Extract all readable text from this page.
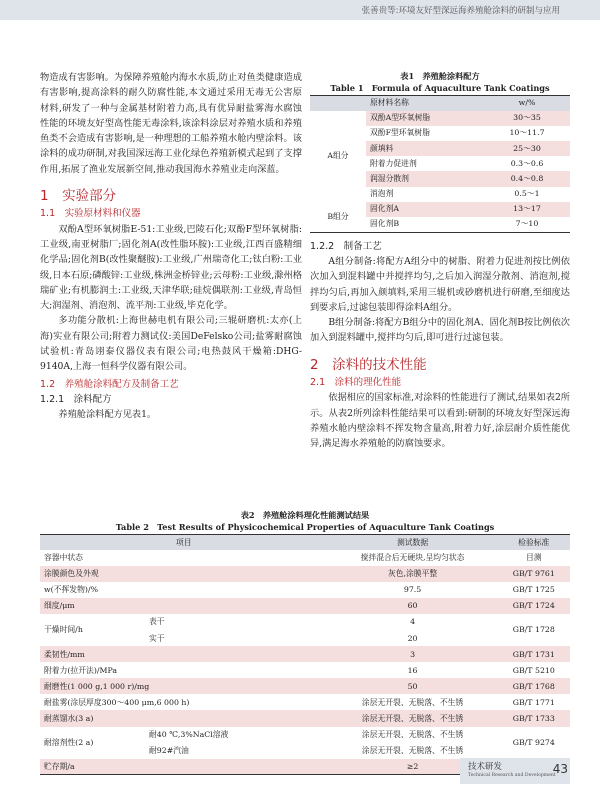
张善贵等:环境友好型深远海养殖舱涂料的研制与应用

物造成有害影响。为保障养殖舱内海水水质,防止对鱼类健康造成有害影响,提高涂料的耐久防腐性能,本文通过采用无毒无公害原材料,研发了一种与金属基材附着力高,具有优异耐盐雾海水腐蚀性能的环境友好型高性能无毒涂料,该涂料涂层对养殖水质和养殖鱼类不会造成有害影响,是一种理想的工船养殖水舱内壁涂料。该涂料的成功研制,对我国深远海工业化绿色养殖新模式起到了支撑作用,拓展了渔业发展新空间,推动我国海水养殖业走向深蓝。

1　实验部分
1.1　实验原材料和仪器

双酚A型环氧树脂E-51:工业级,巴陵石化;双酚F型环氧树脂:工业级,南亚树脂厂;固化剂A(改性脂环胺):工业级,江西百盛精细化学品;固化剂B(改性聚醚胺):工业级,广州瑞奇化工;钛白粉:工业级,日本石原;磷酸锌:工业级,株洲金桥锌业;云母粉:工业级,滁州格瑞矿业;有机膨润土:工业级,天津华联;硅烷偶联剂:工业级,青岛恒大;润湿剂、消泡剂、流平剂:工业级,毕克化学。

多功能分散机:上海世赫电机有限公司;三辊研磨机:太亦(上海)实业有限公司;附着力测试仪:美国DeFelsko公司;盐雾耐腐蚀试验机:青岛诩泰仪器仪表有限公司;电热鼓风干燥箱:DHG-9140A,上海一恒科学仪器有限公司。

1.2　养殖舱涂料配方及制备工艺
1.2.1　涂料配方

养殖舱涂料配方见表1。

表1　养殖舱涂料配方
Table 1　Formula of Aquaculture Tank Coatings
	原材料名称	w/%
A组分	双酚A型环氧树脂	30～35
	双酚F型环氧树脂	10～11.7
	颜填料	25～30
	附着力促进剂	0.3～0.6
	润湿分散剂	0.4～0.8
	消泡剂	0.5～1
B组分	固化剂A	13～17
	固化剂B	7～10
1.2.2　制备工艺

A组分制备:将配方A组分中的树脂、附着力促进剂按比例依次加入到混料罐中并搅拌均匀,之后加入润湿分散剂、消泡剂,搅拌均匀后,再加入颜填料,采用三辊机或砂磨机进行研磨,至细度达到要求后,过滤包装即得涂料A组分。

B组分制备:将配方B组分中的固化剂A、固化剂B按比例依次加入到混料罐中,搅拌均匀后,即可进行过滤包装。

2　涂料的技术性能
2.1　涂料的理化性能

依据相应的国家标准,对涂料的性能进行了测试,结果如表2所示。从表2所列涂料性能结果可以看到:研制的环境友好型深远海养殖水舱内壁涂料不挥发物含量高,附着力好,涂层耐介质性能优异,满足海水养殖舱的防腐蚀要求。

表2　养殖舱涂料理化性能测试结果
Table 2　Test Results of Physicochemical Properties of Aquaculture Tank Coatings
项目		测试数据	检验标准
容器中状态		搅拌混合后无硬块,呈均匀状态	目测
涂膜颜色及外观		灰色,涂膜平整	GB/T 9761
w(不挥发物)/%		97.5	GB/T 1725
细度/μm		60	GB/T 1724
干燥时间/h	表干	4	GB/T 1728
	实干	20	
柔韧性/mm		3	GB/T 1731
附着力(拉开法)/MPa		16	GB/T 5210
耐磨性(1 000 g,1 000 r)/mg		50	GB/T 1768
耐盐雾(涂层厚度300～400 μm,6 000 h)		涂层无开裂、无脱落、不生锈	GB/T 1771
耐蒸馏水(3 a)		涂层无开裂、无脱落、不生锈	GB/T 1733
耐溶剂性(2 a)	耐40 ℃,3%NaCl溶液	涂层无开裂、无脱落、不生锈	GB/T 9274
	耐92#汽油	涂层无开裂、无脱落、不生锈	
贮存期/a		≥2		技术研发
Technical Research and Development
43
